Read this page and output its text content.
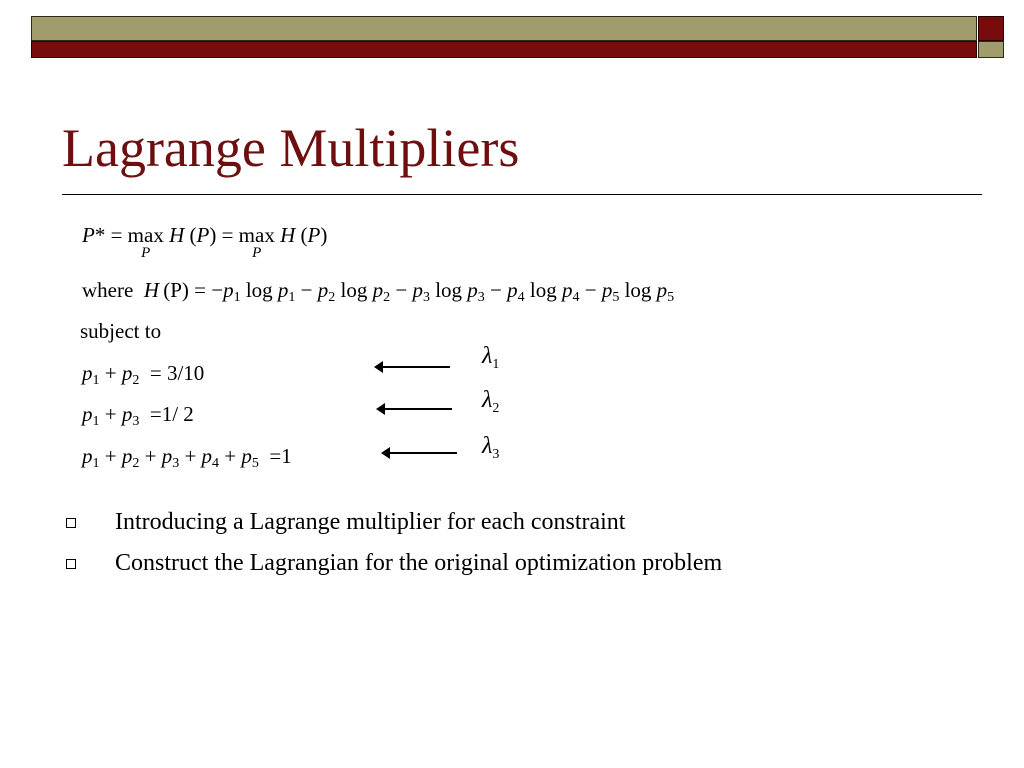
Lagrange Multipliers
P* = max
P
H (P) = max
P
H (P)
where H  $(P) = -p_1$ $\log p_1 - p_2$ $\log p_2 - p_3$ $\log p_3 - p_4$ $\log p_4 - p_5$ $\log p_5$
subject to
$p_1 + p_2 = 3/10$
$\lambda_1$
$p_1 + p_3 =1/$ 2
$\lambda_2$
$p_1 + p_2 + p_3 + p_4 + p_5 =1$	$\lambda_3$
Introducing a Lagrange multiplier for each constraint
Construct the Lagrangian for the original optimization problem
